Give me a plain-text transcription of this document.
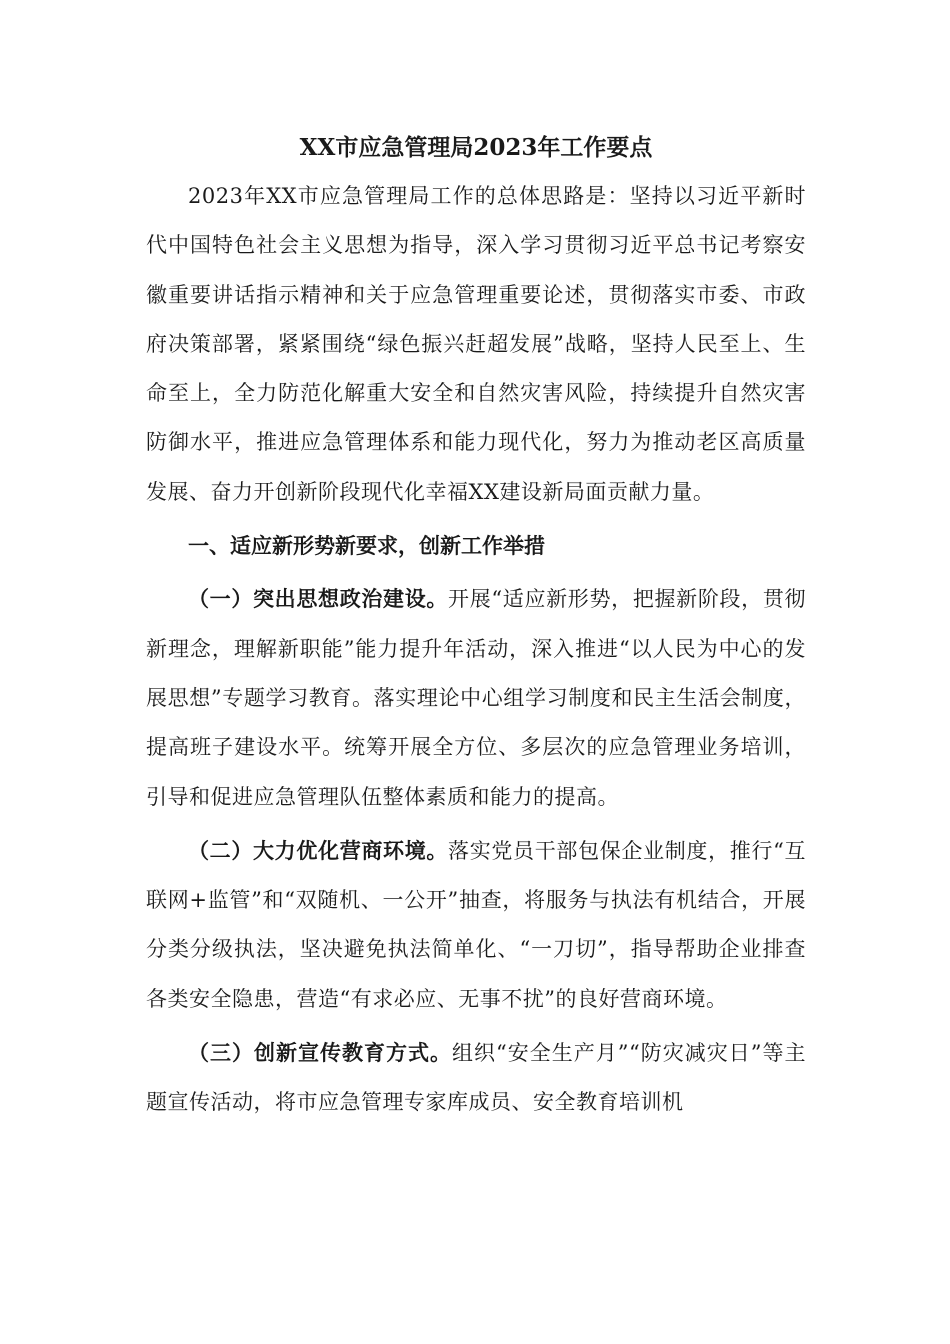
XX市应急管理局2023年工作要点

2023年XX市应急管理局工作的总体思路是：坚持以习近平新时代中国特色社会主义思想为指导，深入学习贯彻习近平总书记考察安徽重要讲话指示精神和关于应急管理重要论述，贯彻落实市委、市政府决策部署，紧紧围绕“绿色振兴赶超发展”战略，坚持人民至上、生命至上，全力防范化解重大安全和自然灾害风险，持续提升自然灾害防御水平，推进应急管理体系和能力现代化，努力为推动老区高质量发展、奋力开创新阶段现代化幸福XX建设新局面贡献力量。

一、适应新形势新要求，创新工作举措

（一）突出思想政治建设。开展“适应新形势，把握新阶段，贯彻新理念，理解新职能”能力提升年活动，深入推进“以人民为中心的发展思想”专题学习教育。落实理论中心组学习制度和民主生活会制度，提高班子建设水平。统筹开展全方位、多层次的应急管理业务培训，引导和促进应急管理队伍整体素质和能力的提高。

（二）大力优化营商环境。落实党员干部包保企业制度，推行“互联网+监管”和“双随机、一公开”抽查，将服务与执法有机结合，开展分类分级执法，坚决避免执法简单化、“一刀切”，指导帮助企业排查各类安全隐患，营造“有求必应、无事不扰”的良好营商环境。

（三）创新宣传教育方式。组织“安全生产月”“防灾减灾日”等主题宣传活动，将市应急管理专家库成员、安全教育培训机
